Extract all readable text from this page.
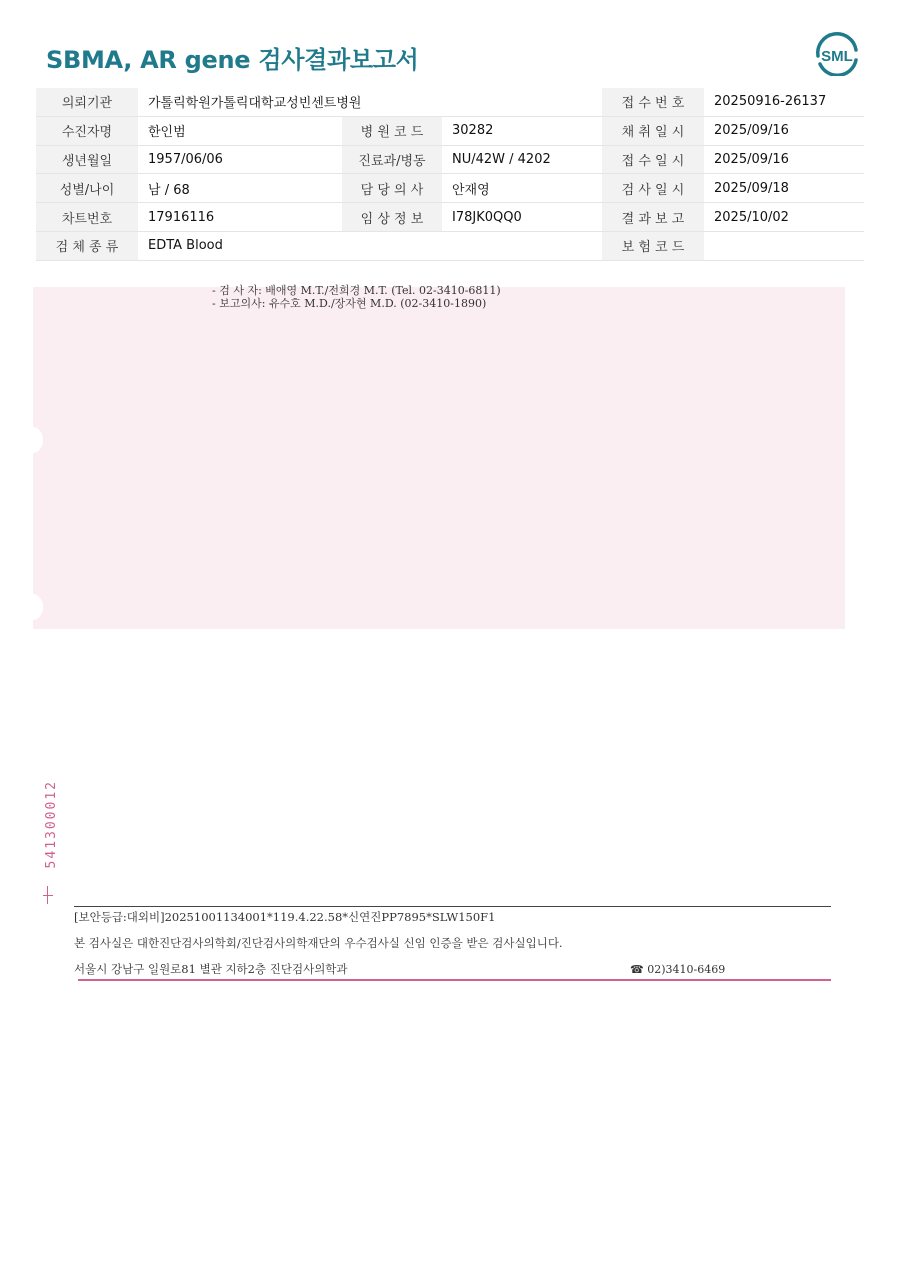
SBMA, AR gene 검사결과보고서	SML
의뢰기관	가톨릭학원가톨릭대학교성빈센트병원			접 수 번 호	20250916-26137
수진자명	한인범	병 원 코 드	30282	채 취 일 시	2025/09/16
생년월일	1957/06/06	진료과/병동	NU/42W / 4202	접 수 일 시	2025/09/16
성별/나이	남 / 68	담 당 의 사	안재영	검 사 일 시	2025/09/18
차트번호	17916116	임 상 정 보	I78JK0QQ0	결 과 보 고	2025/10/02
검 체 종 류	EDTA Blood			보 험 코 드	
- 검 사 자: 배애영 M.T./전희경 M.T. (Tel. 02-3410-6811)
- 보고의사: 유수호 M.D./장자현 M.D. (02-3410-1890)
541300012
[보안등급:대외비]20251001134001*119.4.22.58*신연진PP7895*SLW150F1
본 검사실은 대한진단검사의학회/진단검사의학재단의 우수검사실 신임 인증을 받은 검사실입니다.
서울시 강남구 일원로81 별관 지하2층 진단검사의학과	☎ 02)3410-6469
